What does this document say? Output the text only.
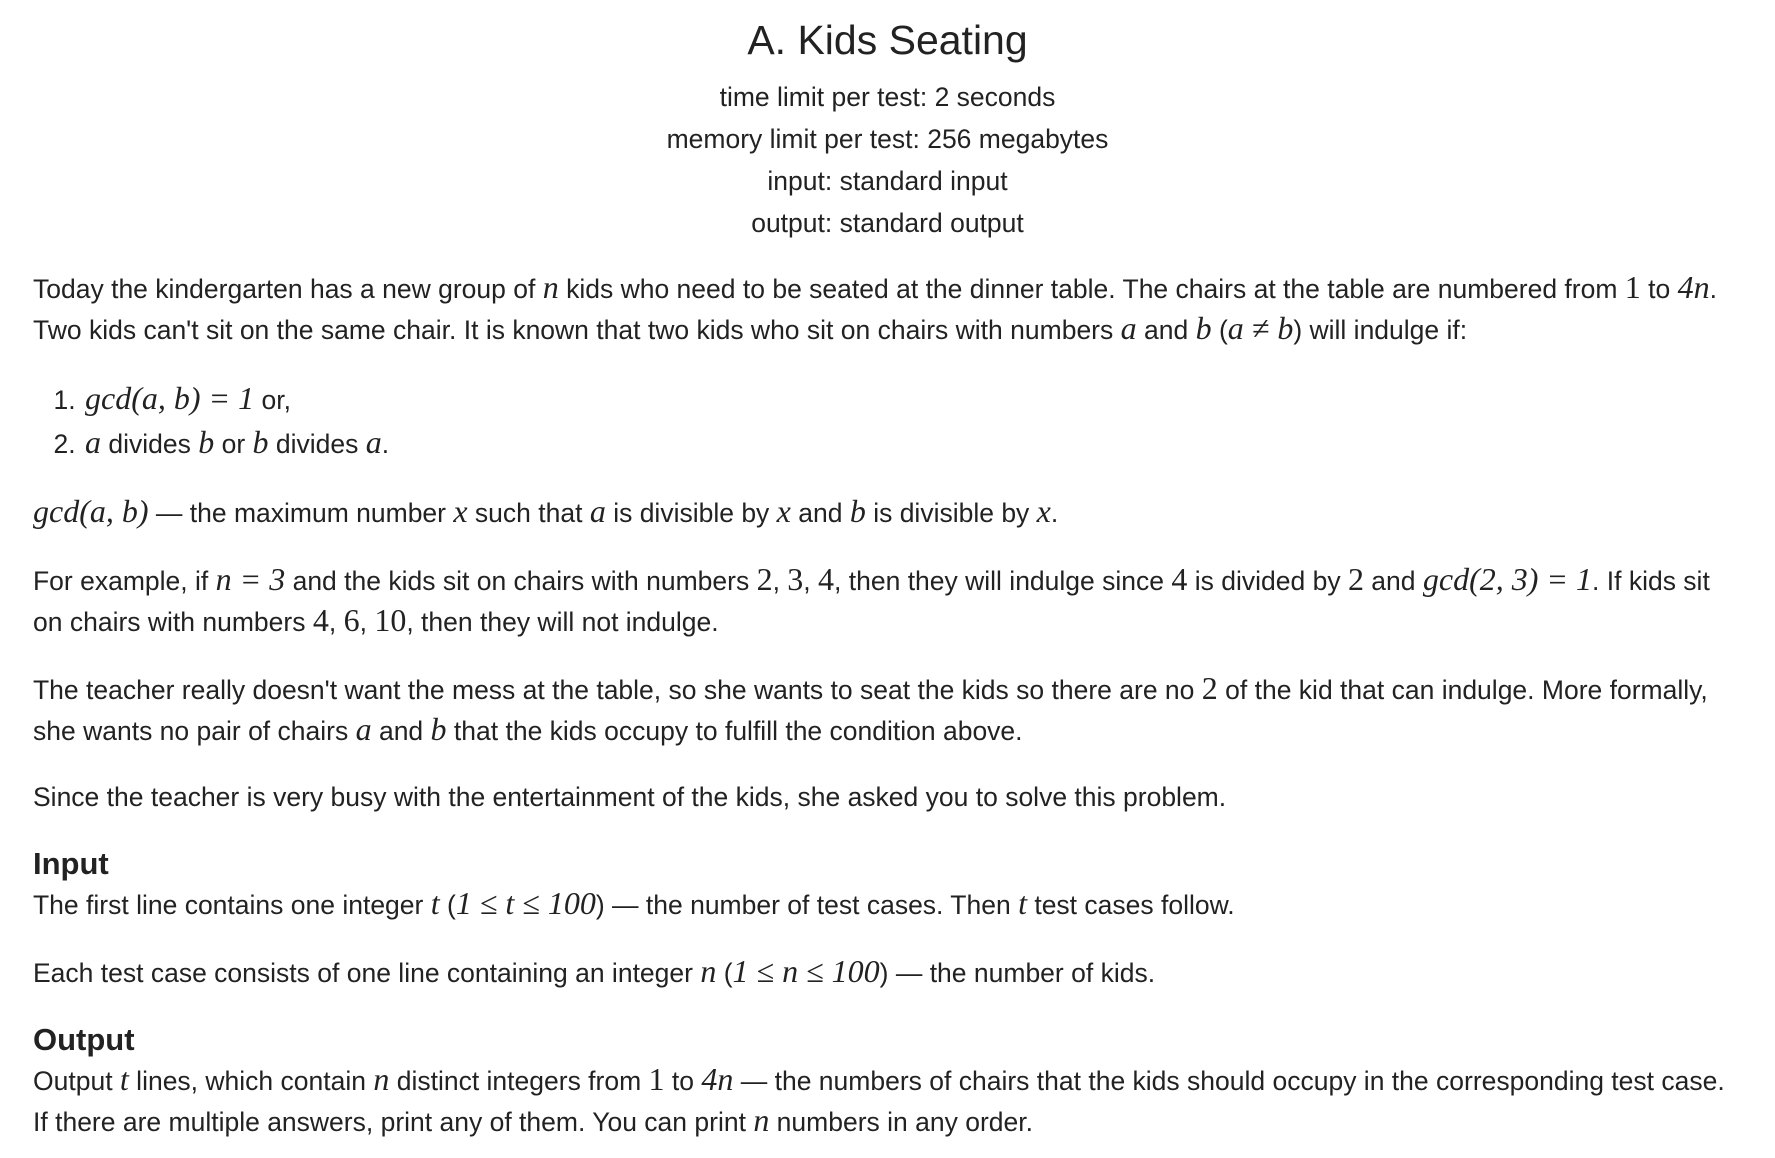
A. Kids Seating
time limit per test: 2 seconds
memory limit per test: 256 megabytes
input: standard input
output: standard output

Today the kindergarten has a new group of n kids who need to be seated at the dinner table. The chairs at the table are numbered from 1 to 4n. Two kids can't sit on the same chair. It is known that two kids who sit on chairs with numbers a and b (a ≠ b) will indulge if:

1. gcd(a, b) = 1 or,
2. a divides b or b divides a.

gcd(a, b) — the maximum number x such that a is divisible by x and b is divisible by x.

For example, if n = 3 and the kids sit on chairs with numbers 2, 3, 4, then they will indulge since 4 is divided by 2 and gcd(2, 3) = 1. If kids sit on chairs with numbers 4, 6, 10, then they will not indulge.

The teacher really doesn't want the mess at the table, so she wants to seat the kids so there are no 2 of the kid that can indulge. More formally, she wants no pair of chairs a and b that the kids occupy to fulfill the condition above.

Since the teacher is very busy with the entertainment of the kids, she asked you to solve this problem.

Input

The first line contains one integer t (1 ≤ t ≤ 100) — the number of test cases. Then t test cases follow.

Each test case consists of one line containing an integer n (1 ≤ n ≤ 100) — the number of kids.

Output

Output t lines, which contain n distinct integers from 1 to 4n — the numbers of chairs that the kids should occupy in the corresponding test case. If there are multiple answers, print any of them. You can print n numbers in any order.
